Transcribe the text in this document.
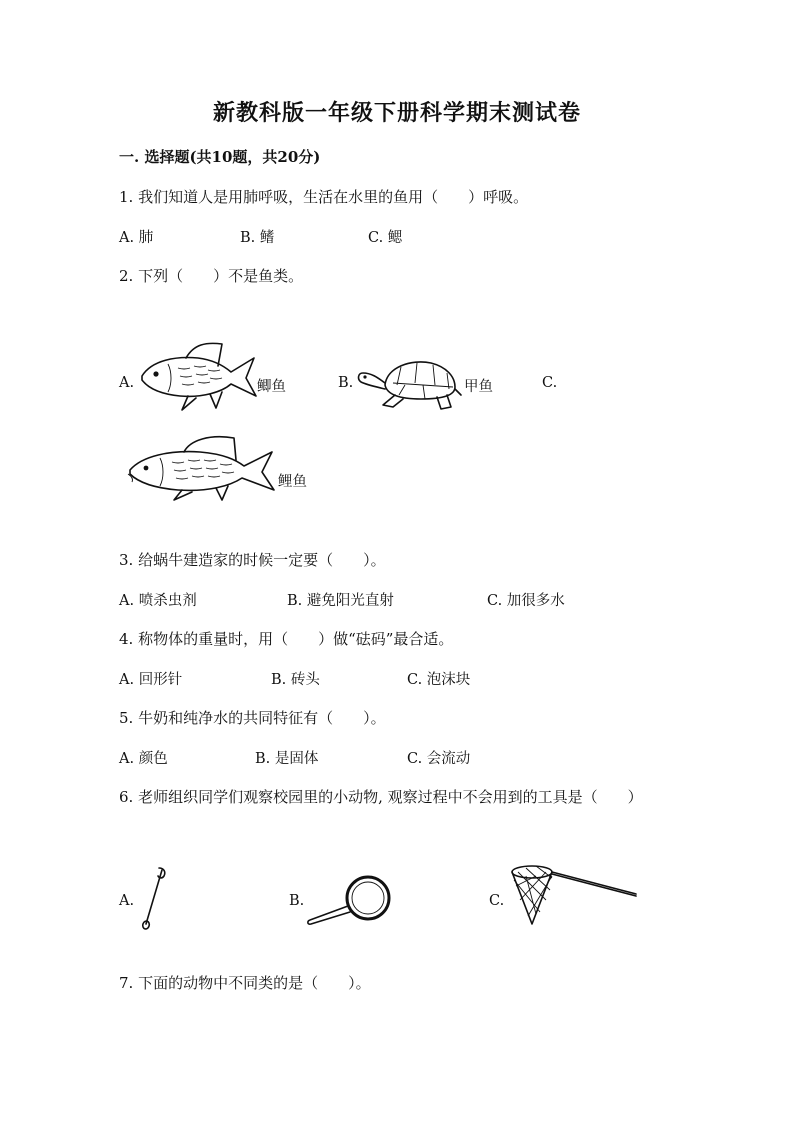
新教科版一年级下册科学期末测试卷
一. 选择题(共10题，共20分)
1. 我们知道人是用肺呼吸，生活在水里的鱼用（　　）呼吸。
A. 肺	B. 鳍	C. 鳃
2. 下列（　　）不是鱼类。
A.	鲫鱼	B.	甲鱼	C.
鲤鱼
3. 给蜗牛建造家的时候一定要（　　）。
A. 喷杀虫剂	B. 避免阳光直射	C. 加很多水
4. 称物体的重量时，用（　　）做“砝码”最合适。
A. 回形针	B. 砖头	C. 泡沫块
5. 牛奶和纯净水的共同特征有（　　）。
A. 颜色	B. 是固体	C. 会流动
6. 老师组织同学们观察校园里的小动物, 观察过程中不会用到的工具是（　　）
A.	B.	C.
7. 下面的动物中不同类的是（　　）。
